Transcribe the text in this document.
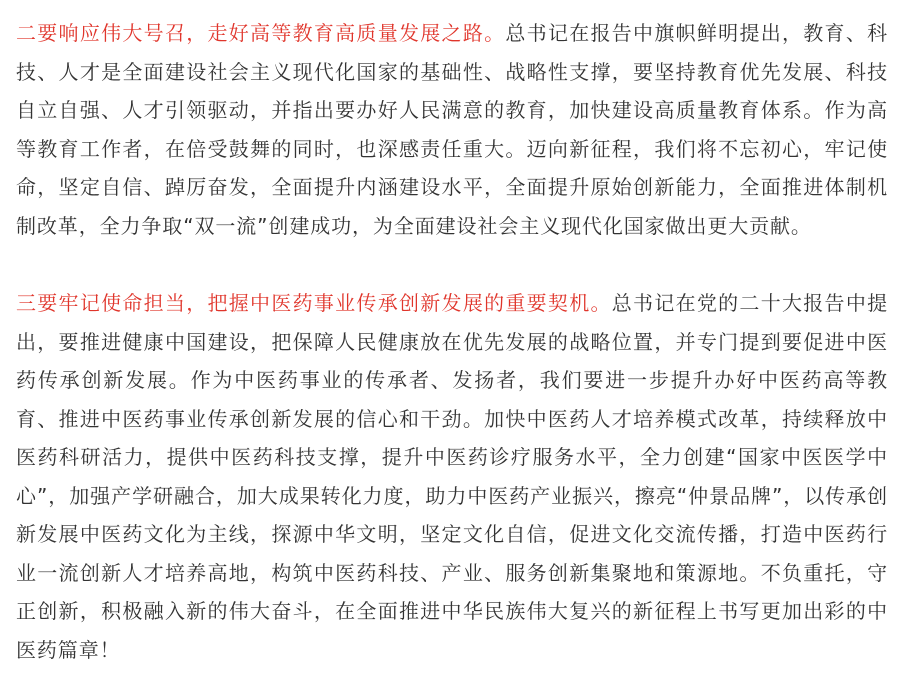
二要响应伟大号召，走好高等教育高质量发展之路。总书记在报告中旗帜鲜明提出，教育、科技、人才是全面建设社会主义现代化国家的基础性、战略性支撑，要坚持教育优先发展、科技自立自强、人才引领驱动，并指出要办好人民满意的教育，加快建设高质量教育体系。作为高等教育工作者，在倍受鼓舞的同时，也深感责任重大。迈向新征程，我们将不忘初心，牢记使命，坚定自信、踔厉奋发，全面提升内涵建设水平，全面提升原始创新能力，全面推进体制机制改革，全力争取“双一流”创建成功，为全面建设社会主义现代化国家做出更大贡献。

三要牢记使命担当，把握中医药事业传承创新发展的重要契机。总书记在党的二十大报告中提出，要推进健康中国建设，把保障人民健康放在优先发展的战略位置，并专门提到要促进中医药传承创新发展。作为中医药事业的传承者、发扬者，我们要进一步提升办好中医药高等教育、推进中医药事业传承创新发展的信心和干劲。加快中医药人才培养模式改革，持续释放中医药科研活力，提供中医药科技支撑，提升中医药诊疗服务水平，全力创建“国家中医医学中心”，加强产学研融合，加大成果转化力度，助力中医药产业振兴，擦亮“仲景品牌”，以传承创新发展中医药文化为主线，探源中华文明，坚定文化自信，促进文化交流传播，打造中医药行业一流创新人才培养高地，构筑中医药科技、产业、服务创新集聚地和策源地。不负重托，守正创新，积极融入新的伟大奋斗，在全面推进中华民族伟大复兴的新征程上书写更加出彩的中医药篇章！
